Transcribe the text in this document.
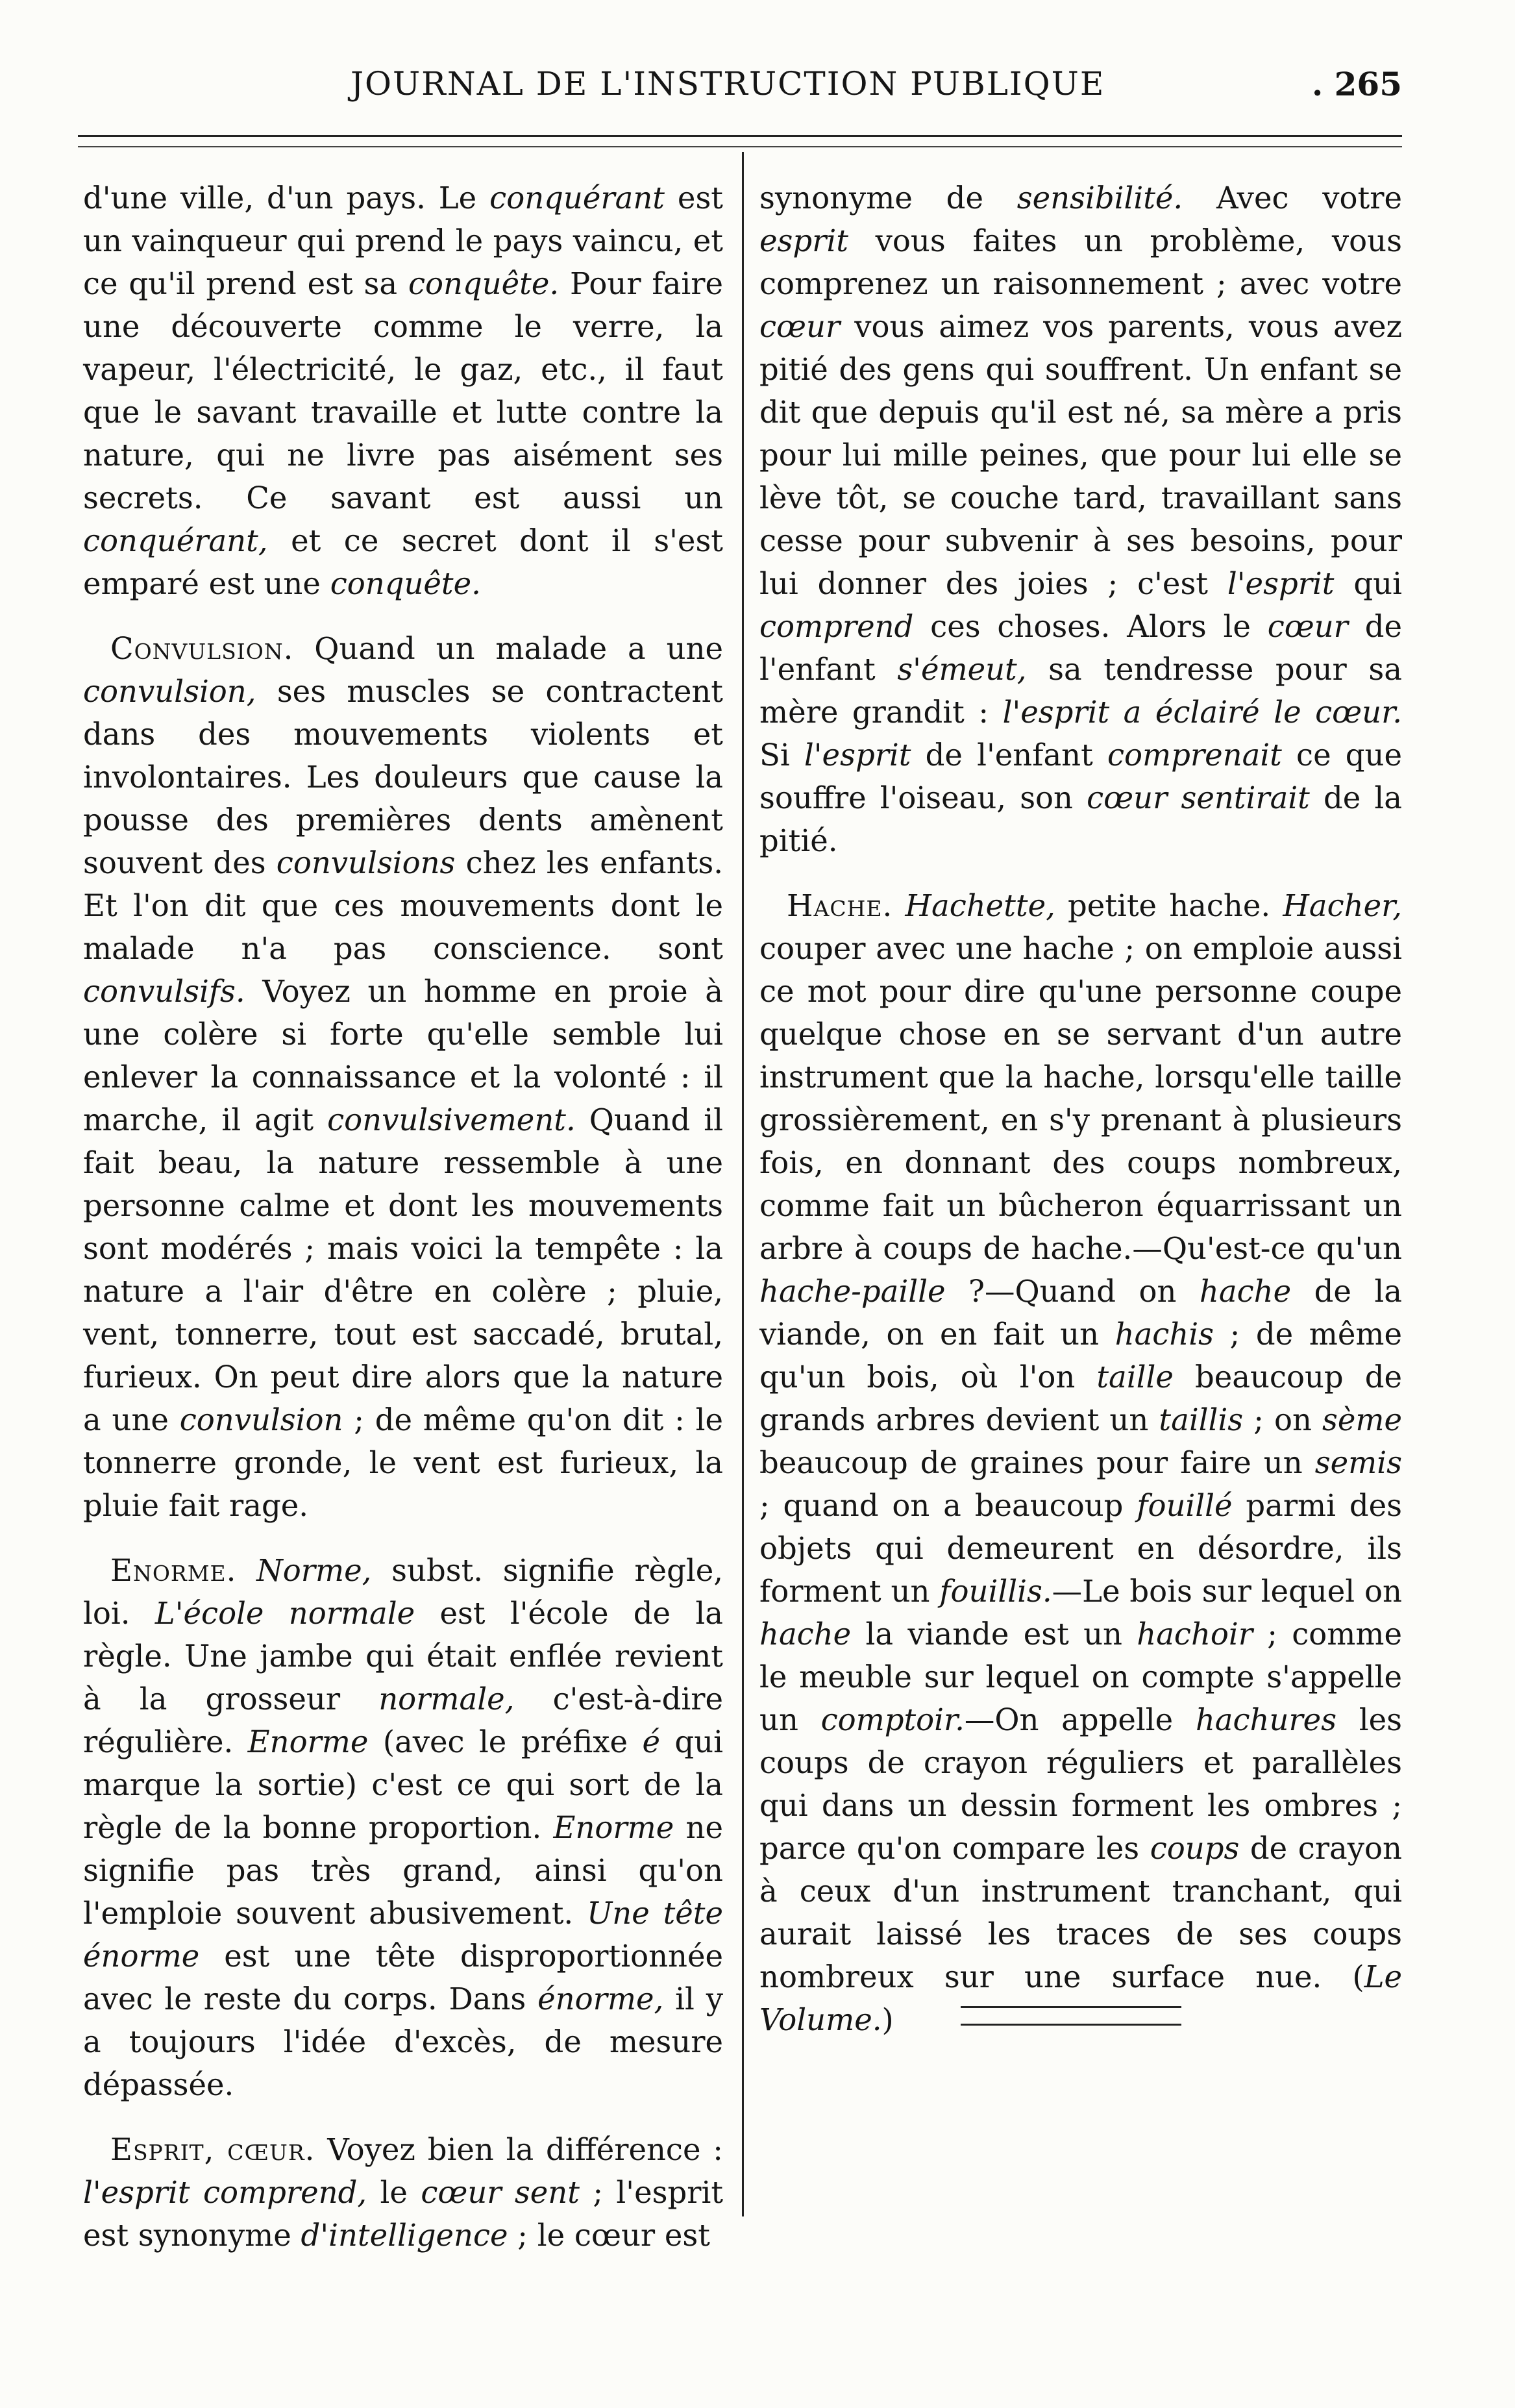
JOURNAL DE L'INSTRUCTION PUBLIQUE	. 265

d'une ville, d'un pays. Le conquérant est un vainqueur qui prend le pays vaincu, et ce qu'il prend est sa conquête. Pour faire une découverte comme le verre, la vapeur, l'électricité, le gaz, etc., il faut que le savant travaille et lutte contre la nature, qui ne livre pas aisément ses secrets. Ce savant est aussi un conquérant, et ce secret dont il s'est emparé est une conquête.

Convulsion. Quand un malade a une convulsion, ses muscles se contractent dans des mouvements violents et involontaires. Les douleurs que cause la pousse des premières dents amènent souvent des convulsions chez les enfants. Et l'on dit que ces mouvements dont le malade n'a pas conscience. sont convulsifs. Voyez un homme en proie à une colère si forte qu'elle semble lui enlever la connaissance et la volonté : il marche, il agit convulsivement. Quand il fait beau, la nature ressemble à une personne calme et dont les mouvements sont modérés ; mais voici la tempête : la nature a l'air d'être en colère ; pluie, vent, tonnerre, tout est saccadé, brutal, furieux. On peut dire alors que la nature a une convulsion ; de même qu'on dit : le tonnerre gronde, le vent est furieux, la pluie fait rage.

Enorme. Norme, subst. signifie règle, loi. L'école normale est l'école de la règle. Une jambe qui était enflée revient à la grosseur normale, c'est-à-dire régulière. Enorme (avec le préfixe é qui marque la sortie) c'est ce qui sort de la règle de la bonne proportion. Enorme ne signifie pas très grand, ainsi qu'on l'emploie souvent abusivement. Une tête énorme est une tête disproportionnée avec le reste du corps. Dans énorme, il y a toujours l'idée d'excès, de mesure dépassée.

Esprit, cœur. Voyez bien la différence : l'esprit comprend, le cœur sent ; l'esprit est synonyme d'intelligence ; le cœur est

synonyme de sensibilité. Avec votre esprit vous faites un problème, vous comprenez un raisonnement ; avec votre cœur vous aimez vos parents, vous avez pitié des gens qui souffrent. Un enfant se dit que depuis qu'il est né, sa mère a pris pour lui mille peines, que pour lui elle se lève tôt, se couche tard, travaillant sans cesse pour subvenir à ses besoins, pour lui donner des joies ; c'est l'esprit qui comprend ces choses. Alors le cœur de l'enfant s'émeut, sa tendresse pour sa mère grandit : l'esprit a éclairé le cœur. Si l'esprit de l'enfant comprenait ce que souffre l'oiseau, son cœur sentirait de la pitié.

Hache. Hachette, petite hache. Hacher, couper avec une hache ; on emploie aussi ce mot pour dire qu'une personne coupe quelque chose en se servant d'un autre instrument que la hache, lorsqu'elle taille grossièrement, en s'y prenant à plusieurs fois, en donnant des coups nombreux, comme fait un bûcheron équarrissant un arbre à coups de hache.—Qu'est-ce qu'un hache-paille ?—Quand on hache de la viande, on en fait un hachis ; de même qu'un bois, où l'on taille beaucoup de grands arbres devient un taillis ; on sème beaucoup de graines pour faire un semis ; quand on a beaucoup fouillé parmi des objets qui demeurent en désordre, ils forment un fouillis.—Le bois sur lequel on hache la viande est un hachoir ; comme le meuble sur lequel on compte s'appelle un comptoir.—On appelle hachures les coups de crayon réguliers et parallèles qui dans un dessin forment les ombres ; parce qu'on compare les coups de crayon à ceux d'un instrument tranchant, qui aurait laissé les traces de ses coups nombreux sur une surface nue. (Le Volume.)
